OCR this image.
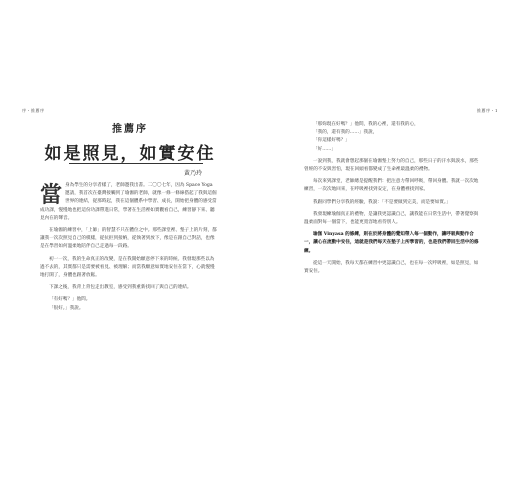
序・推薦序
推薦序
如是照見，如實安住
黃乃玲

當身為學生的分享者樣了，老師邀我出書。二〇〇七年，因為 Space Yoga 邀請，我首次在臺灣接觸到了瑜伽的老師，就像一條一條線搭起了我與這個世界的連結，從那時起，我在這個體系中學習、成長，開始把身體的感受當成功課，慢慢地也把這份功課帶進日常，學著在生活裡如實觀看自己，練習靜下來、聽見內在的聲音。

在瑜伽的練習中，「上師」的智慧不只在體位之中。那些課堂裡、墊子上的片刻，都讓我一次次照見自己的模樣，從抗拒到接納，從執著到放下，像是在跟自己對話，也像是在學習如何溫柔地陪伴自己走過每一段路。

初一一次，我的生命真正的改變，是在我開始願意停下來的時候。我發現那些以為過不去的，其實都只是需要被看見、被理解；而當我願意如實地安住在當下，心就慢慢地打開了，身體也跟著放鬆。

下課之後，我背上背包走出教室，感受到我重新找回了與自己的連結。

「有好嗎？」他問。

「很好。」我說。

推薦序・1

「那妳現在好嗎？」他問，我的心裡，還有我的心，

「我的，還有我的……」我說，

「你這樣好嗎？」

「好……」

一說到我，我就會想起那個在瑜伽墊上努力的自己，那些日子的汗水與淚水，那些曾經的不安與害怕，現在回頭看都變成了生命裡最溫柔的禮物。

每次來到課堂，老師總是提醒我們：把注意力帶回呼吸，帶回身體。我就一次次地練習，一次次地回來，在呼吸裡找到安定，在身體裡找到家。

我跟同學們分享我的經驗，我說：「不是要做到完美，而是要如實。」

我發現練瑜伽真正的禮物，是讓我更認識自己，讓我能在日常生活中，帶著覺察與溫柔面對每一個當下，也能更寬容地看待別人。

瑜伽 Vinyasa 的修練，則在於將身體的覺知帶入每一個動作，讓呼吸與動作合一，讓心在流動中安住，這就是我們每天在墊子上所學習的，也是我們帶回生活中的修練。

從這一天開始，我每天都在練習中更認識自己，也在每一次呼吸裡，如是照見，如實安住。
